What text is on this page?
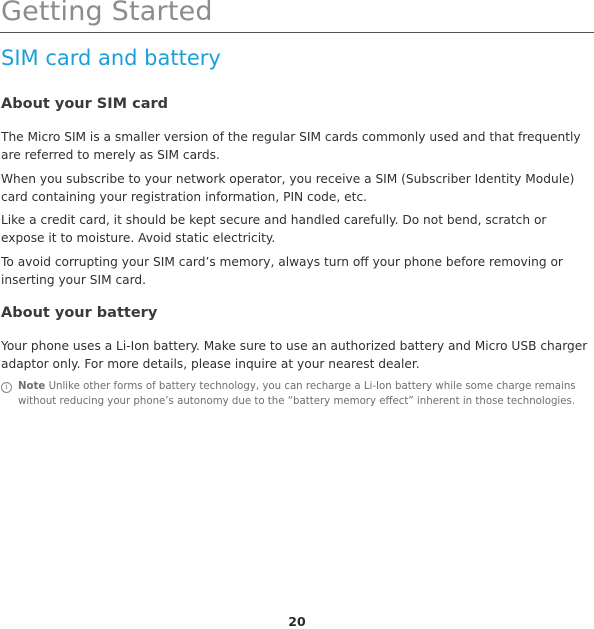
Getting Started
SIM card and battery
About your SIM card

The Micro SIM is a smaller version of the regular SIM cards commonly used and that frequently are referred to merely as SIM cards.

When you subscribe to your network operator, you receive a SIM (Subscriber Identity Module) card containing your registration information, PIN code, etc.

Like a credit card, it should be kept secure and handled carefully. Do not bend, scratch or expose it to moisture. Avoid static electricity.

To avoid corrupting your SIM card’s memory, always turn off your phone before removing or inserting your SIM card.

About your battery

Your phone uses a Li-Ion battery. Make sure to use an authorized battery and Micro USB charger adaptor only. For more details, please inquire at your nearest dealer.

i	Note Unlike other forms of battery technology, you can recharge a Li-Ion battery while some charge remains without reducing your phone’s autonomy due to the “battery memory effect” inherent in those technologies.
20
